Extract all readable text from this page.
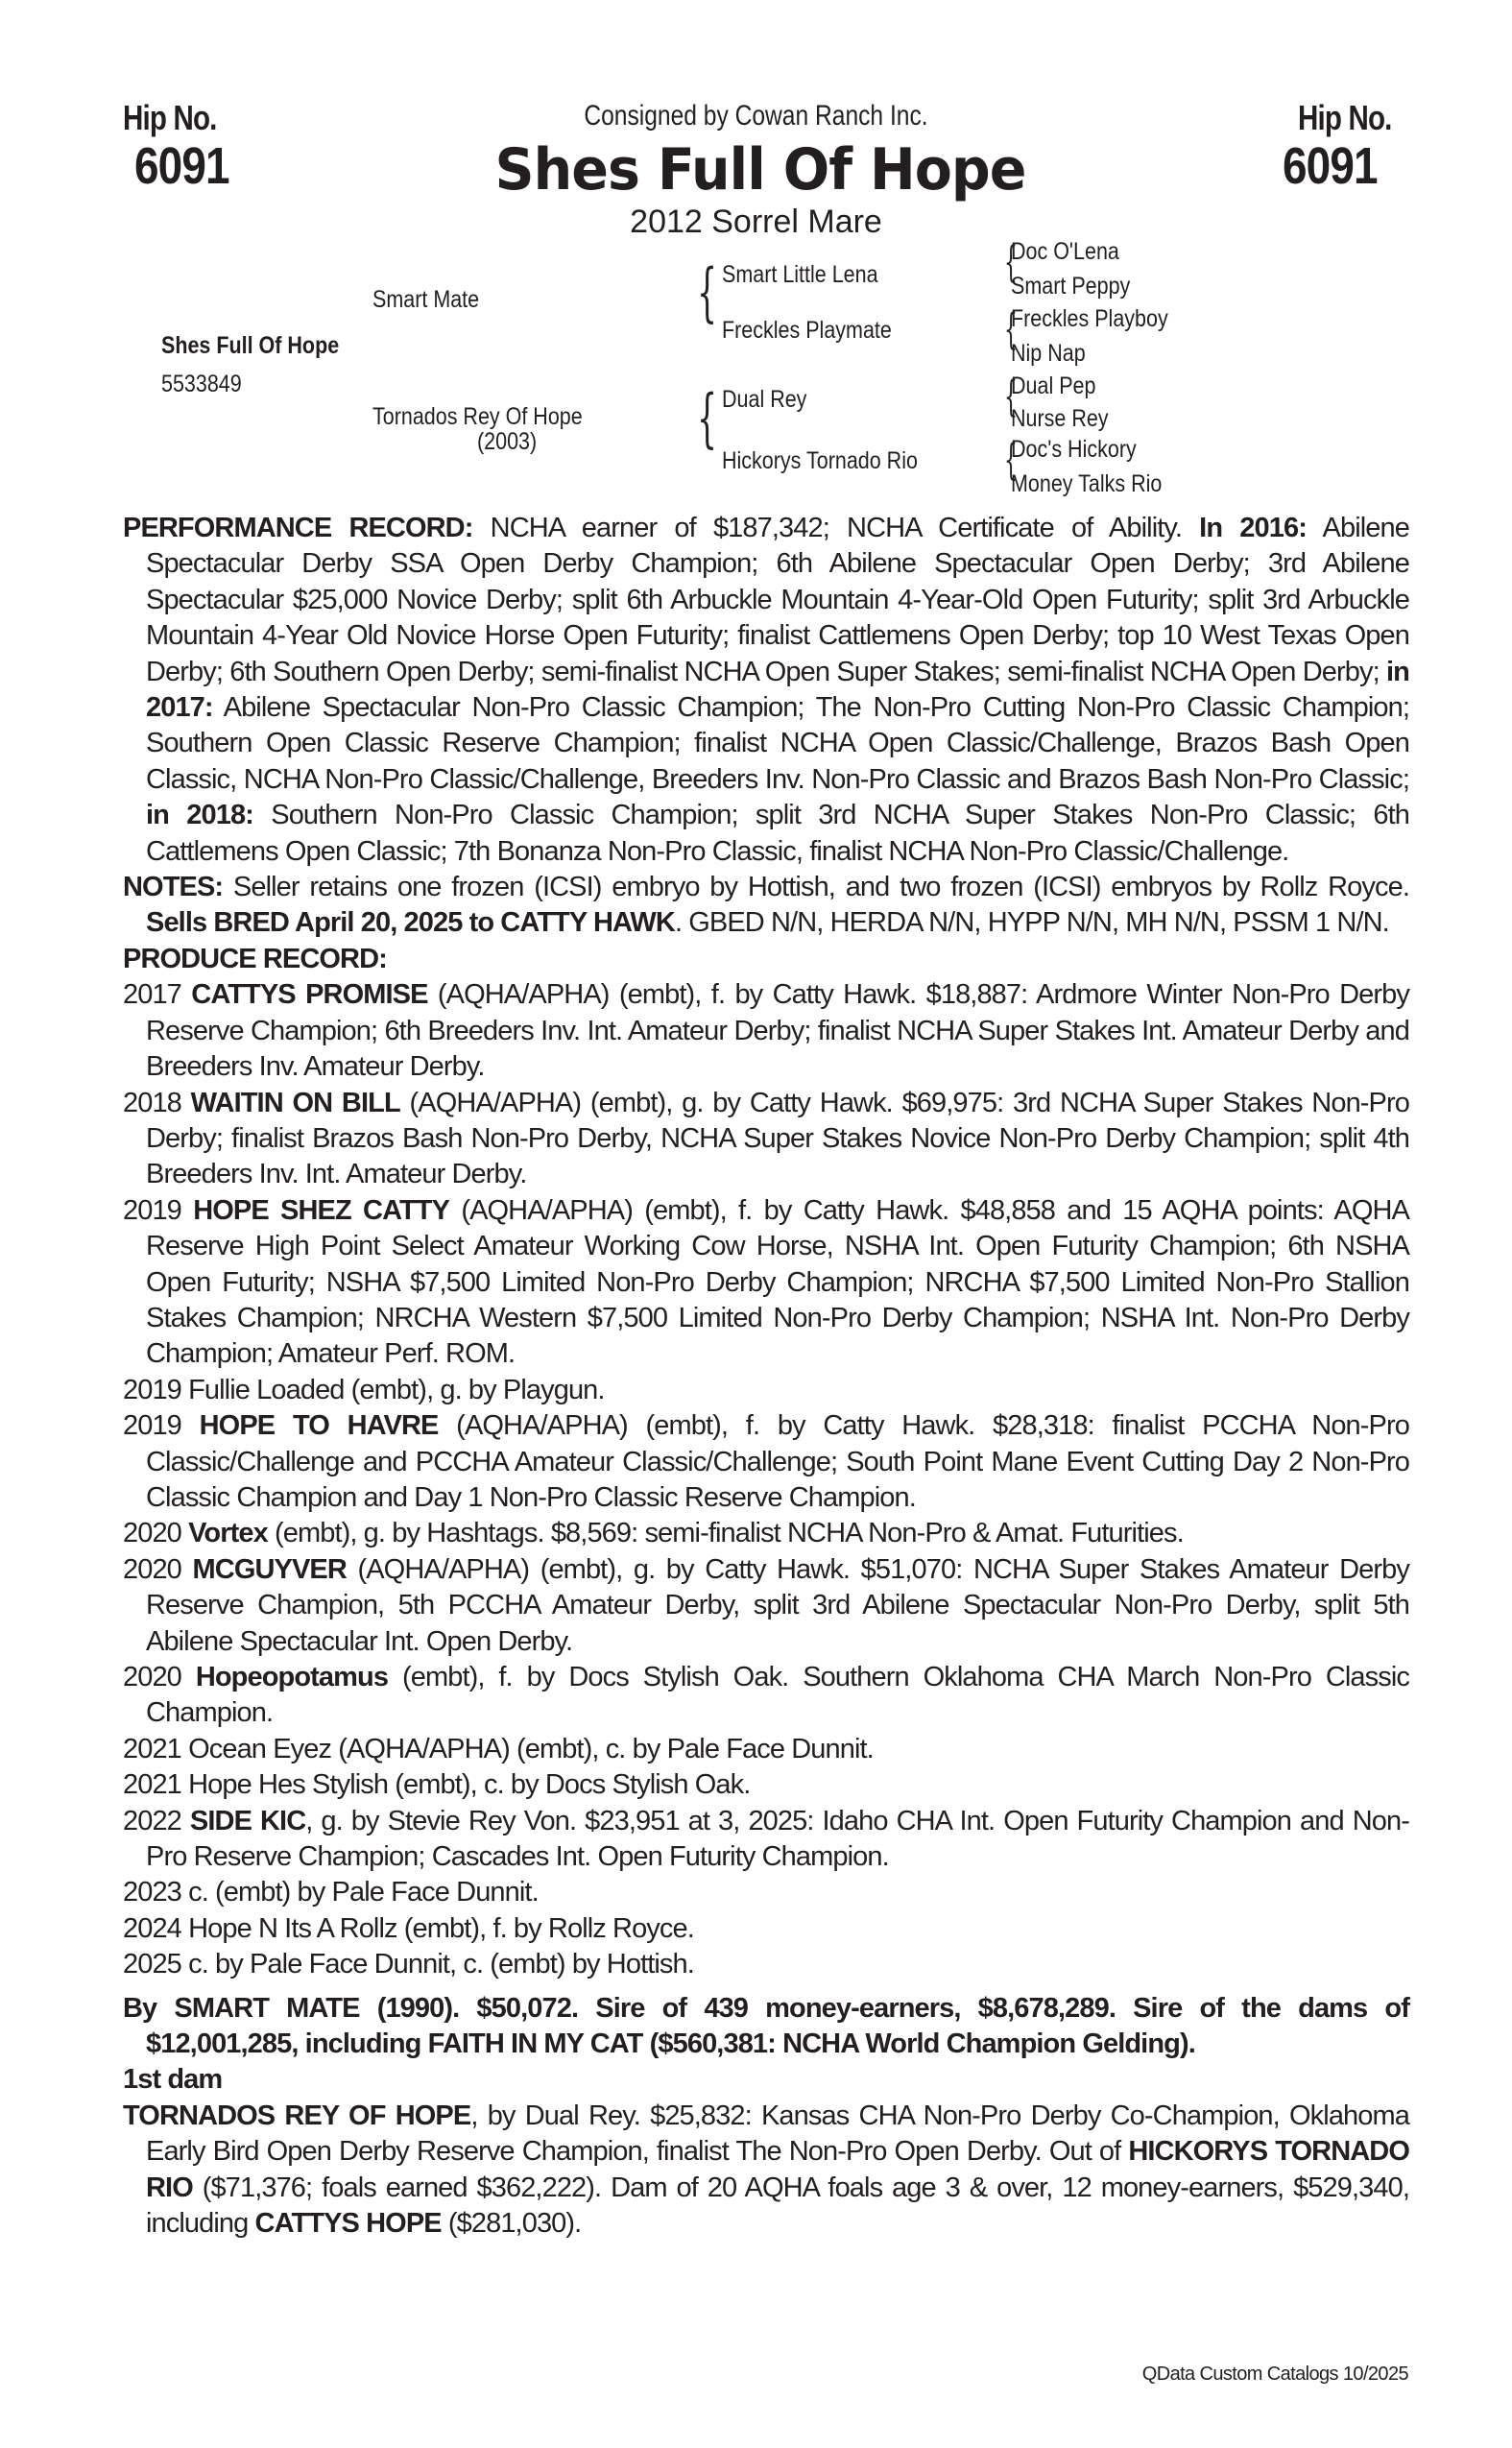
Hip No.
6091
Hip No.
6091
Consigned by Cowan Ranch Inc.
Shes Full Of Hope
2012 Sorrel Mare
Shes Full Of Hope
5533849
Smart Mate
Tornados Rey Of Hope
(2003)
{ Smart Little Lena
Freckles Playmate
{ Dual Rey
Hickorys Tornado Rio
{
Doc O'Lena
Smart Peppy
{
Freckles Playboy
Nip Nap
{
Dual Pep
Nurse Rey
{
Doc's Hickory
Money Talks Rio

PERFORMANCE RECORD: NCHA earner of $187,342; NCHA Certificate of Ability. In 2016: Abilene Spectacular Derby SSA Open Derby Champion; 6th Abilene Spectacular Open Derby; 3rd Abilene Spectacular $25,000 Novice Derby; split 6th Arbuckle Mountain 4-Year-Old Open Futurity; split 3rd Arbuckle Mountain 4-Year Old Novice Horse Open Futurity; finalist Cattlemens Open Derby; top 10 West Texas Open Derby; 6th Southern Open Derby; semi-finalist NCHA Open Super Stakes; semi-finalist NCHA Open Derby; in 2017: Abilene Spectacular Non-Pro Classic Champion; The Non-Pro Cutting Non-Pro Classic Champion; Southern Open Classic Reserve Champion; finalist NCHA Open Classic/Challenge, Brazos Bash Open Classic, NCHA Non-Pro Classic/Challenge, Breeders Inv. Non-Pro Classic and Brazos Bash Non-Pro Classic; in 2018: Southern Non-Pro Classic Champion; split 3rd NCHA Super Stakes Non-Pro Classic; 6th Cattlemens Open Classic; 7th Bonanza Non-Pro Classic, finalist NCHA Non-Pro Classic/Challenge.

NOTES: Seller retains one frozen (ICSI) embryo by Hottish, and two frozen (ICSI) embryos by Rollz Royce. Sells BRED April 20, 2025 to CATTY HAWK. GBED N/N, HERDA N/N, HYPP N/N, MH N/N, PSSM 1 N/N.

PRODUCE RECORD:

2017 CATTYS PROMISE (AQHA/APHA) (embt), f. by Catty Hawk. $18,887: Ardmore Winter Non-Pro Derby Reserve Champion; 6th Breeders Inv. Int. Amateur Derby; finalist NCHA Super Stakes Int. Amateur Derby and Breeders Inv. Amateur Derby.

2018 WAITIN ON BILL (AQHA/APHA) (embt), g. by Catty Hawk. $69,975: 3rd NCHA Super Stakes Non-Pro Derby; finalist Brazos Bash Non-Pro Derby, NCHA Super Stakes Novice Non-Pro Derby Champion; split 4th Breeders Inv. Int. Amateur Derby.

2019 HOPE SHEZ CATTY (AQHA/APHA) (embt), f. by Catty Hawk. $48,858 and 15 AQHA points: AQHA Reserve High Point Select Amateur Working Cow Horse, NSHA Int. Open Futurity Champion; 6th NSHA Open Futurity; NSHA $7,500 Limited Non-Pro Derby Champion; NRCHA $7,500 Limited Non-Pro Stallion Stakes Champion; NRCHA Western $7,500 Limited Non-Pro Derby Champion; NSHA Int. Non-Pro Derby Champion; Amateur Perf. ROM.

2019 Fullie Loaded (embt), g. by Playgun.

2019 HOPE TO HAVRE (AQHA/APHA) (embt), f. by Catty Hawk. $28,318: finalist PCCHA Non-Pro Classic/Challenge and PCCHA Amateur Classic/Challenge; South Point Mane Event Cutting Day 2 Non-Pro Classic Champion and Day 1 Non-Pro Classic Reserve Champion.

2020 Vortex (embt), g. by Hashtags. $8,569: semi-finalist NCHA Non-Pro & Amat. Futurities.

2020 MCGUYVER (AQHA/APHA) (embt), g. by Catty Hawk. $51,070: NCHA Super Stakes Amateur Derby Reserve Champion, 5th PCCHA Amateur Derby, split 3rd Abilene Spectacular Non-Pro Derby, split 5th Abilene Spectacular Int. Open Derby.

2020 Hopeopotamus (embt), f. by Docs Stylish Oak. Southern Oklahoma CHA March Non-Pro Classic Champion.

2021 Ocean Eyez (AQHA/APHA) (embt), c. by Pale Face Dunnit.

2021 Hope Hes Stylish (embt), c. by Docs Stylish Oak.

2022 SIDE KIC, g. by Stevie Rey Von. $23,951 at 3, 2025: Idaho CHA Int. Open Futurity Champion and Non-Pro Reserve Champion; Cascades Int. Open Futurity Champion.

2023 c. (embt) by Pale Face Dunnit.

2024 Hope N Its A Rollz (embt), f. by Rollz Royce.

2025 c. by Pale Face Dunnit, c. (embt) by Hottish.

By SMART MATE (1990). $50,072. Sire of 439 money-earners, $8,678,289. Sire of the dams of $12,001,285, including FAITH IN MY CAT ($560,381: NCHA World Champion Gelding).

1st dam

TORNADOS REY OF HOPE, by Dual Rey. $25,832: Kansas CHA Non-Pro Derby Co-Champion, Oklahoma Early Bird Open Derby Reserve Champion, finalist The Non-Pro Open Derby. Out of HICKORYS TORNADO RIO ($71,376; foals earned $362,222). Dam of 20 AQHA foals age 3 & over, 12 money-earners, $529,340, including CATTYS HOPE ($281,030).

QData Custom Catalogs 10/2025
